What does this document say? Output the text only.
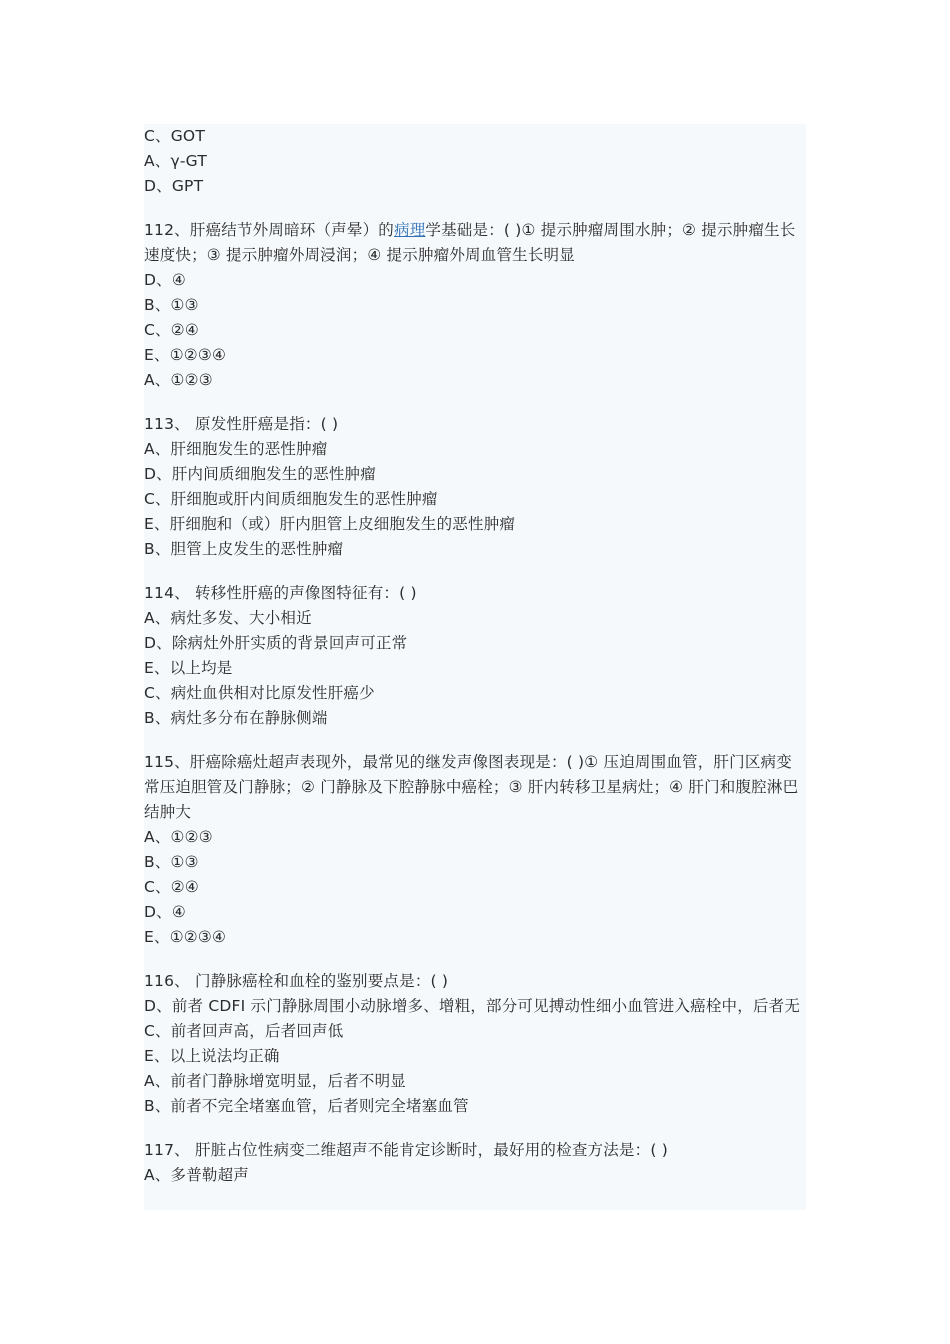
C、GOT
A、γ-GT
D、GPT
112、肝癌结节外周暗环（声晕）的病理学基础是：( )① 提示肿瘤周围水肿；② 提示肿瘤生长速度快；③ 提示肿瘤外周浸润；④ 提示肿瘤外周血管生长明显
D、④
B、①③
C、②④
E、①②③④
A、①②③
113、 原发性肝癌是指：( )
A、肝细胞发生的恶性肿瘤
D、肝内间质细胞发生的恶性肿瘤
C、肝细胞或肝内间质细胞发生的恶性肿瘤
E、肝细胞和（或）肝内胆管上皮细胞发生的恶性肿瘤
B、胆管上皮发生的恶性肿瘤
114、 转移性肝癌的声像图特征有：( )
A、病灶多发、大小相近
D、除病灶外肝实质的背景回声可正常
E、以上均是
C、病灶血供相对比原发性肝癌少
B、病灶多分布在静脉侧端
115、肝癌除癌灶超声表现外，最常见的继发声像图表现是：( )① 压迫周围血管，肝门区病变常压迫胆管及门静脉；② 门静脉及下腔静脉中癌栓；③ 肝内转移卫星病灶；④ 肝门和腹腔淋巴结肿大
A、①②③
B、①③
C、②④
D、④
E、①②③④
116、 门静脉癌栓和血栓的鉴别要点是：( )
D、前者 CDFI 示门静脉周围小动脉增多、增粗，部分可见搏动性细小血管进入癌栓中，后者无
C、前者回声高，后者回声低
E、以上说法均正确
A、前者门静脉增宽明显，后者不明显
B、前者不完全堵塞血管，后者则完全堵塞血管
117、 肝脏占位性病变二维超声不能肯定诊断时，最好用的检查方法是：( )
A、多普勒超声
